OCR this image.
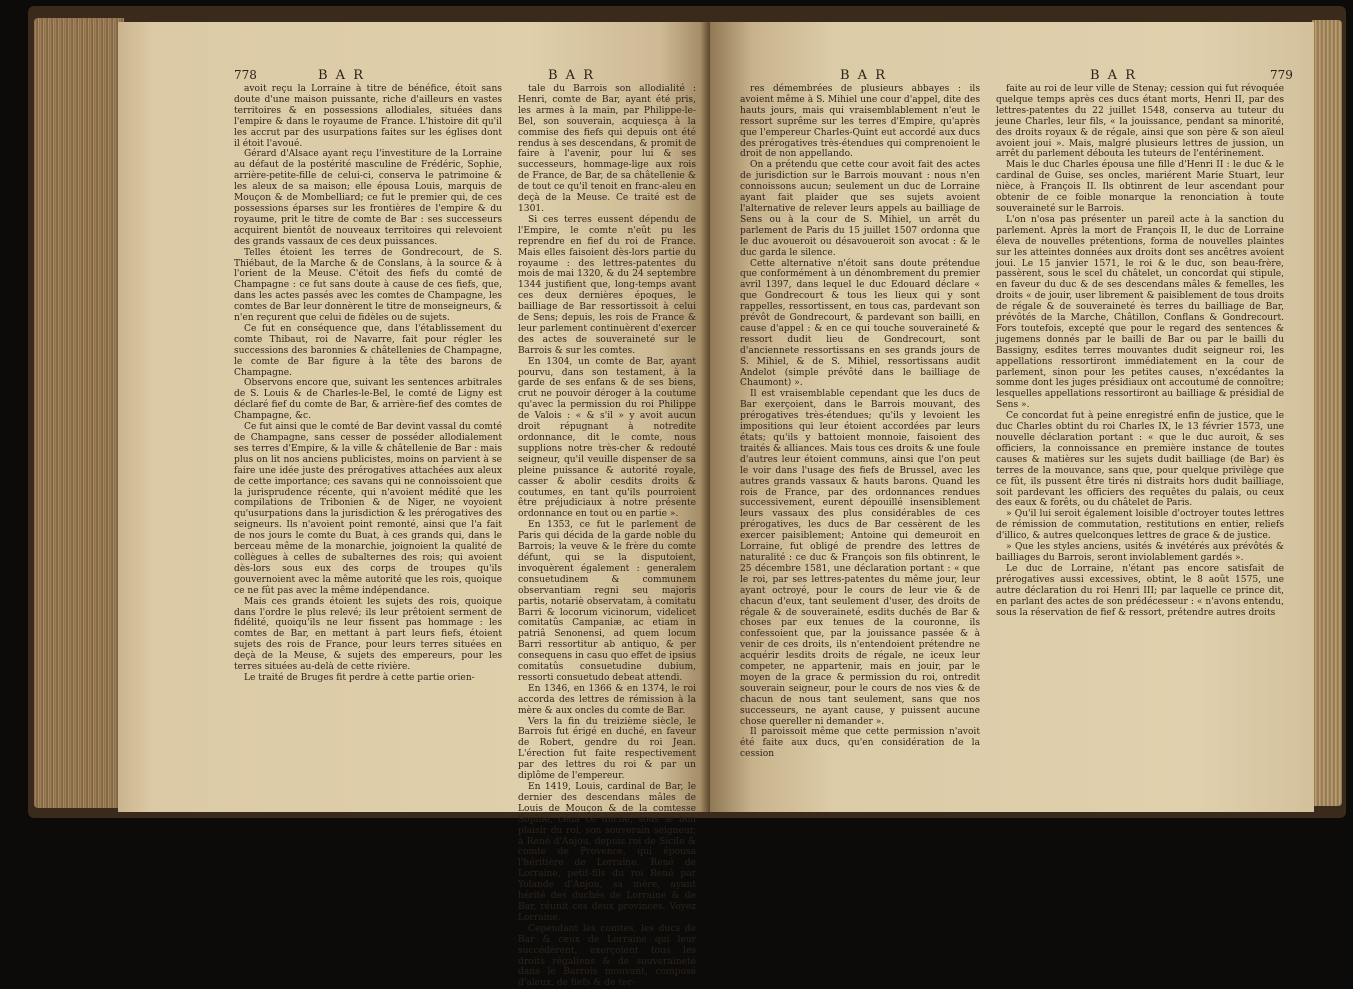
778	B A R	B A R

avoit reçu la Lorraine à titre de bénéfice, étoit sans doute d'une maison puissante, riche d'ailleurs en vastes territoires & en possessions allodiales, situées dans l'empire & dans le royaume de France. L'histoire dit qu'il les accrut par des usurpations faites sur les églises dont il étoit l'avoué.

Gérard d'Alsace ayant reçu l'investiture de la Lorraine au défaut de la postérité masculine de Frédéric, Sophie, arrière-petite-fille de celui-ci, conserva le patrimoine & les aleux de sa maison; elle épousa Louis, marquis de Mouçon & de Mombelliard; ce fut le premier qui, de ces possessions éparses sur les frontières de l'empire & du royaume, prit le titre de comte de Bar : ses successeurs acquirent bientôt de nouveaux territoires qui relevoient des grands vassaux de ces deux puissances.

Telles étoient les terres de Gondrecourt, de S. Thiébaut, de la Marche & de Conslans, à la source & à l'orient de la Meuse. C'étoit des fiefs du comté de Champagne : ce fut sans doute à cause de ces fiefs, que, dans les actes passés avec les comtes de Champagne, les comtes de Bar leur donnèrent le titre de monseigneurs, & n'en reçurent que celui de fidèles ou de sujets.

Ce fut en conséquence que, dans l'établissement du comte Thibaut, roi de Navarre, fait pour régler les successions des baronnies & châtellenies de Champagne, le comte de Bar figure à la tête des barons de Champagne.

Observons encore que, suivant les sentences arbitrales de S. Louis & de Charles-le-Bel, le comté de Ligny est déclaré fief du comte de Bar, & arrière-fief des comtes de Champagne, &c.

Ce fut ainsi que le comté de Bar devint vassal du comté de Champagne, sans cesser de posséder allodialement ses terres d'Empire, & la ville & châtellenie de Bar : mais plus on lit nos anciens publicistes, moins on parvient à se faire une idée juste des prérogatives attachées aux aleux de cette importance; ces savans qui ne connoissoient que la jurisprudence récente, qui n'avoient médité que les compilations de Tribonien & de Niger, ne voyoient qu'usurpations dans la jurisdiction & les prérogatives des seigneurs. Ils n'avoient point remonté, ainsi que l'a fait de nos jours le comte du Buat, à ces grands qui, dans le berceau même de la monarchie, joignoient la qualité de collègues à celles de subalternes des rois; qui avoient dès-lors sous eux des corps de troupes qu'ils gouvernoient avec la même autorité que les rois, quoique ce ne fût pas avec la même indépendance.

Mais ces grands étoient les sujets des rois, quoique dans l'ordre le plus relevé; ils leur prêtoient serment de fidélité, quoiqu'ils ne leur fissent pas hommage : les comtes de Bar, en mettant à part leurs fiefs, étoient sujets des rois de France, pour leurs terres situées en deçà de la Meuse, & sujets des empereurs, pour les terres situées au-delà de cette rivière.

Le traité de Bruges fit perdre à cette partie orien-

tale du Barrois son allodialité : Henri, comte de Bar, ayant été pris, les armes à la main, par Philippe-le-Bel, son souverain, acquiesça à la commise des fiefs qui depuis ont été rendus à ses descendans, & promit de faire à l'avenir, pour lui & ses successeurs, hommage-lige aux rois de France, de Bar, de sa châtellenie & de tout ce qu'il tenoit en franc-aleu en deçà de la Meuse. Ce traité est de 1301.

Si ces terres eussent dépendu de l'Empire, le comte n'eût pu les reprendre en fief du roi de France. Mais elles faisoient dès-lors partie du royaume : des lettres-patentes du mois de mai 1320, & du 24 septembre 1344 justifient que, long-temps avant ces deux dernières époques, le bailliage de Bar ressortissoit à celui de Sens; depuis, les rois de France & leur parlement continuèrent d'exercer des actes de souveraineté sur le Barrois & sur les comtes.

En 1304, un comte de Bar, ayant pourvu, dans son testament, à la garde de ses enfans & de ses biens, crut ne pouvoir déroger à la coutume qu'avec la permission du roi Philippe de Valois : « & s'il » y avoit aucun droit répugnant à notredite ordonnance, dit le comte, nous supplions notre très-cher & redouté seigneur, qu'il veuille dispenser de sa pleine puissance & autorité royale, casser & abolir cesdits droits & coutumes, en tant qu'ils pourroient être préjudiciaux à notre présente ordonnance en tout ou en partie ».

En 1353, ce fut le parlement de Paris qui décida de la garde noble du Barrois; la veuve & le frère du comte défunt, qui se la disputoient, invoquèrent également : generalem consuetudinem & communem observantiam regni seu majoris partis, notariè observatam, à comitatu Barri & locorum vicinorum, videlicet comitatûs Campaniæ, ac etiam in patriâ Senonensi, ad quem locum Barri ressortitur ab antiquo, & per consequens in casu quo effet de ipsius comitatûs consuetudine dubium, ressorti consuetudo debeat attendi.

En 1346, en 1366 & en 1374, le roi accorda des lettres de rémission à la mère & aux oncles du comte de Bar.

Vers la fin du treizième siècle, le Barrois fut érigé en duché, en faveur de Robert, gendre du roi Jean. L'érection fut faite respectivement par des lettres du roi & par un diplôme de l'empereur.

En 1419, Louis, cardinal de Bar, le dernier des descendans mâles de Louis de Mouçon & de la comtesse Sophie, céda ce duché, sous le bon plaisir du roi, son souverain seigneur, à René d'Anjou, depuis roi de Sicile & comte de Provence, qui épousa l'héritière de Lorraine. René de Lorraine, petit-fils du roi René par Yolande d'Anjou, sa mère, ayant hérité des duchés de Lorraine & de Bar, réunit ces deux provinces. Voyez Lorraine.

Cependant les comtes, les ducs de Bar & ceux de Lorraine qui leur succédèrent, exerçoient tous les droits régaliens & de souveraineté dans le Barrois mouvant, composé d'aleux, de fiefs & de ter-

B A R	B A R	779

res démembrées de plusieurs abbayes : ils avoient même à S. Mihiel une cour d'appel, dite des hauts jours, mais qui vraisemblablement n'eut le ressort suprême sur les terres d'Empire, qu'après que l'empereur Charles-Quint eut accordé aux ducs des prérogatives très-étendues qui comprenoient le droit de non appellando.

On a prétendu que cette cour avoit fait des actes de jurisdiction sur le Barrois mouvant : nous n'en connoissons aucun; seulement un duc de Lorraine ayant fait plaider que ses sujets avoient l'alternative de relever leurs appels au bailliage de Sens ou à la cour de S. Mihiel, un arrêt du parlement de Paris du 15 juillet 1507 ordonna que le duc avoueroit ou désavoueroit son avocat : & le duc garda le silence.

Cette alternative n'étoit sans doute prétendue que conformément à un dénombrement du premier avril 1397, dans lequel le duc Edouard déclare « que Gondrecourt & tous les lieux qui y sont rappelles, ressortissent, en tous cas, pardevant son prévôt de Gondrecourt, & pardevant son bailli, en cause d'appel : & en ce qui touche souveraineté & ressort dudit lieu de Gondrecourt, sont d'anciennete ressortissans en ses grands jours de S. Mihiel, & de S. Mihiel, ressortissans audit Andelot (simple prévôté dans le bailliage de Chaumont) ».

Il est vraisemblable cependant que les ducs de Bar exerçoient, dans le Barrois mouvant, des prérogatives très-étendues; qu'ils y levoient les impositions qui leur étoient accordées par leurs états; qu'ils y battoient monnoie, faisoient des traités & alliances. Mais tous ces droits & une foule d'autres leur étoient communs, ainsi que l'on peut le voir dans l'usage des fiefs de Brussel, avec les autres grands vassaux & hauts barons. Quand les rois de France, par des ordonnances rendues successivement, eurent dépouillé insensiblement leurs vassaux des plus considérables de ces prérogatives, les ducs de Bar cessèrent de les exercer paisiblement; Antoine qui demeuroit en Lorraine, fut obligé de prendre des lettres de naturalité : ce duc & François son fils obtinrent, le 25 décembre 1581, une déclaration portant : « que le roi, par ses lettres-patentes du même jour, leur ayant octroyé, pour le cours de leur vie & de chacun d'eux, tant seulement d'user, des droits de régale & de souveraineté, esdits duchés de Bar & choses par eux tenues de la couronne, ils confessoient que, par la jouissance passée & à venir de ces droits, ils n'entendoient prétendre ne acquérir lesdits droits de régale, ne iceux leur competer, ne appartenir, mais en jouir, par le moyen de la grace & permission du roi, ontredit souverain seigneur, pour le cours de nos vies & de chacun de nous tant seulement, sans que nos successeurs, ne ayant cause, y puissent aucune chose quereller ni demander ».

Il paroissoit même que cette permission n'avoit été faite aux ducs, qu'en considération de la cession

faite au roi de leur ville de Stenay; cession qui fut révoquée quelque temps après ces ducs étant morts, Henri II, par des lettres-patentes du 22 juillet 1548, conserva au tuteur du jeune Charles, leur fils, « la jouissance, pendant sa minorité, des droits royaux & de régale, ainsi que son père & son aïeul avoient joui ». Mais, malgré plusieurs lettres de jussion, un arrêt du parlement débouta les tuteurs de l'entérinement.

Mais le duc Charles épousa une fille d'Henri II : le duc & le cardinal de Guise, ses oncles, mariérent Marie Stuart, leur nièce, à François II. Ils obtinrent de leur ascendant pour obtenir de ce foible monarque la renonciation à toute souveraineté sur le Barrois.

L'on n'osa pas présenter un pareil acte à la sanction du parlement. Après la mort de François II, le duc de Lorraine éleva de nouvelles prétentions, forma de nouvelles plaintes sur les atteintes données aux droits dont ses ancêtres avoient joui. Le 15 janvier 1571, le roi & le duc, son beau-frère, passèrent, sous le scel du châtelet, un concordat qui stipule, en faveur du duc & de ses descendans mâles & femelles, les droits « de jouir, user librement & paisiblement de tous droits de régale & de souveraineté ès terres du bailliage de Bar, prévôtés de la Marche, Châtillon, Conflans & Gondrecourt. Fors toutefois, excepté que pour le regard des sentences & jugemens donnés par le bailli de Bar ou par le bailli du Bassigny, esdites terres mouvantes dudit seigneur roi, les appellations ressortiront immédiatement en la cour de parlement, sinon pour les petites causes, n'excédantes la somme dont les juges présidiaux ont accoutumé de connoître; lesquelles appellations ressortiront au bailliage & présidial de Sens ».

Ce concordat fut à peine enregistré enfin de justice, que le duc Charles obtint du roi Charles IX, le 13 février 1573, une nouvelle déclaration portant : « que le duc auroit, & ses officiers, la connoissance en première instance de toutes causes & matières sur les sujets dudit bailliage (de Bar) ès terres de la mouvance, sans que, pour quelque privilège que ce fût, ils pussent être tirés ni distraits hors dudit bailliage, soit pardevant les officiers des requêtes du palais, ou ceux des eaux & forêts, ou du châtelet de Paris.

» Qu'il lui seroit également loisible d'octroyer toutes lettres de rémission de commutation, restitutions en entier, reliefs d'illico, & autres quelconques lettres de grace & de justice.

» Que les styles anciens, usités & invétérés aux prévôtés & bailliages du Barrois, seront inviolablement gardés ».

Le duc de Lorraine, n'étant pas encore satisfait de prérogatives aussi excessives, obtint, le 8 août 1575, une autre déclaration du roi Henri III; par laquelle ce prince dit, en parlant des actes de son prédécesseur : « n'avons entendu, sous la réservation de fief & ressort, prétendre autres droits
